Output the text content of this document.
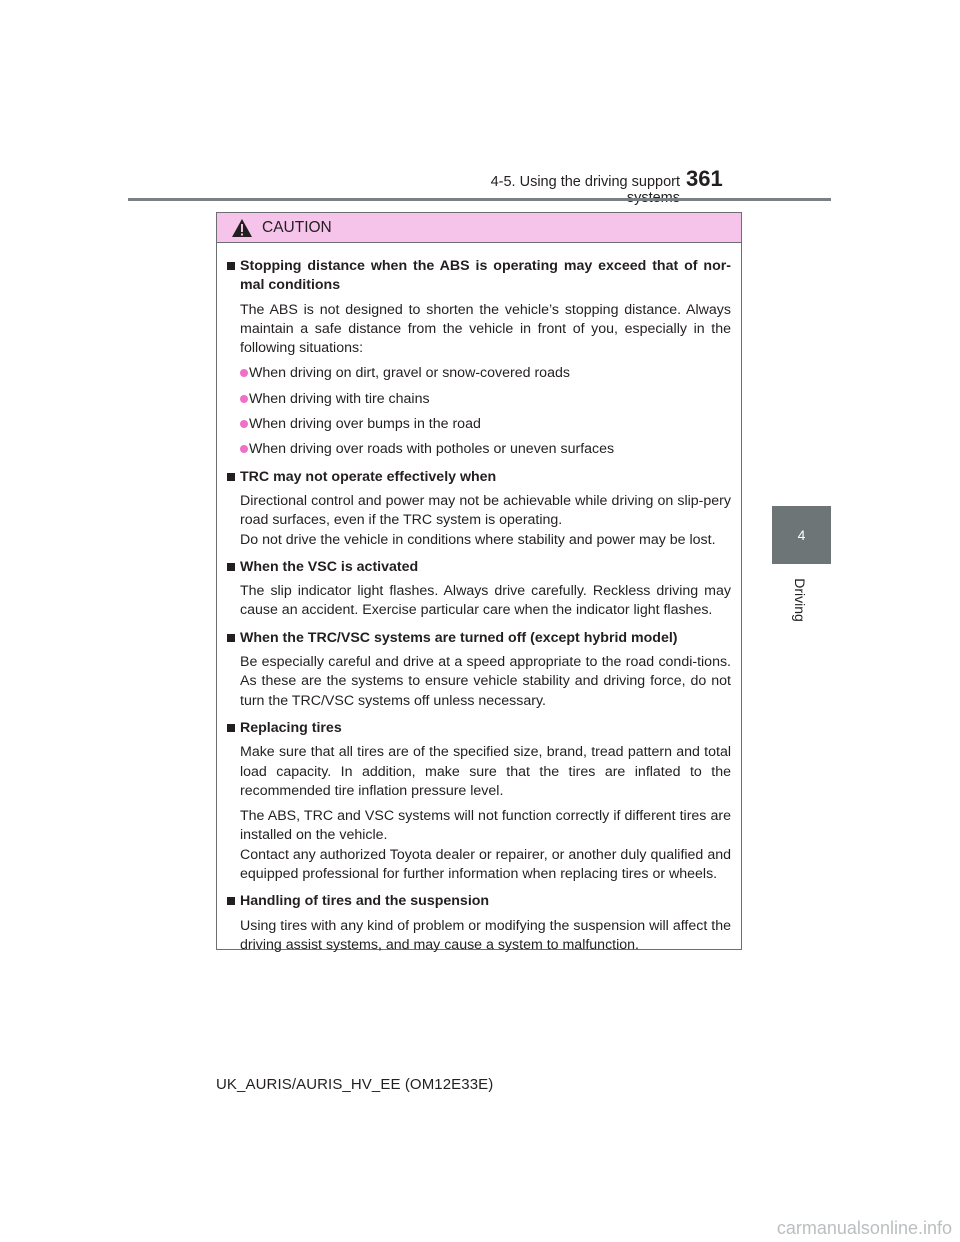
4-5. Using the driving support 361
4
Driving
CAUTION
Stopping distance when the ABS is operating may exceed that of nor-mal conditions
The ABS is not designed to shorten the vehicle’s stopping distance. Always maintain a safe distance from the vehicle in front of you, especially in the following situations:
When driving on dirt, gravel or snow-covered roads
When driving with tire chains
When driving over bumps in the road
When driving over roads with potholes or uneven surfaces
TRC may not operate effectively when
Directional control and power may not be achievable while driving on slip-pery road surfaces, even if the TRC system is operating.
Do not drive the vehicle in conditions where stability and power may be lost.
When the VSC is activated
The slip indicator light flashes. Always drive carefully. Reckless driving may cause an accident. Exercise particular care when the indicator light flashes.
When the TRC/VSC systems are turned off (except hybrid model)
Be especially careful and drive at a speed appropriate to the road condi-tions. As these are the systems to ensure vehicle stability and driving force, do not turn the TRC/VSC systems off unless necessary.
Replacing tires
Make sure that all tires are of the specified size, brand, tread pattern and total load capacity. In addition, make sure that the tires are inflated to the recommended tire inflation pressure level.
The ABS, TRC and VSC systems will not function correctly if different tires are installed on the vehicle.
Contact any authorized Toyota dealer or repairer, or another duly qualified and equipped professional for further information when replacing tires or wheels.
Handling of tires and the suspension
Using tires with any kind of problem or modifying the suspension will affect the driving assist systems, and may cause a system to malfunction.
UK_AURIS/AURIS_HV_EE (OM12E33E)
carmanualsonline.info
